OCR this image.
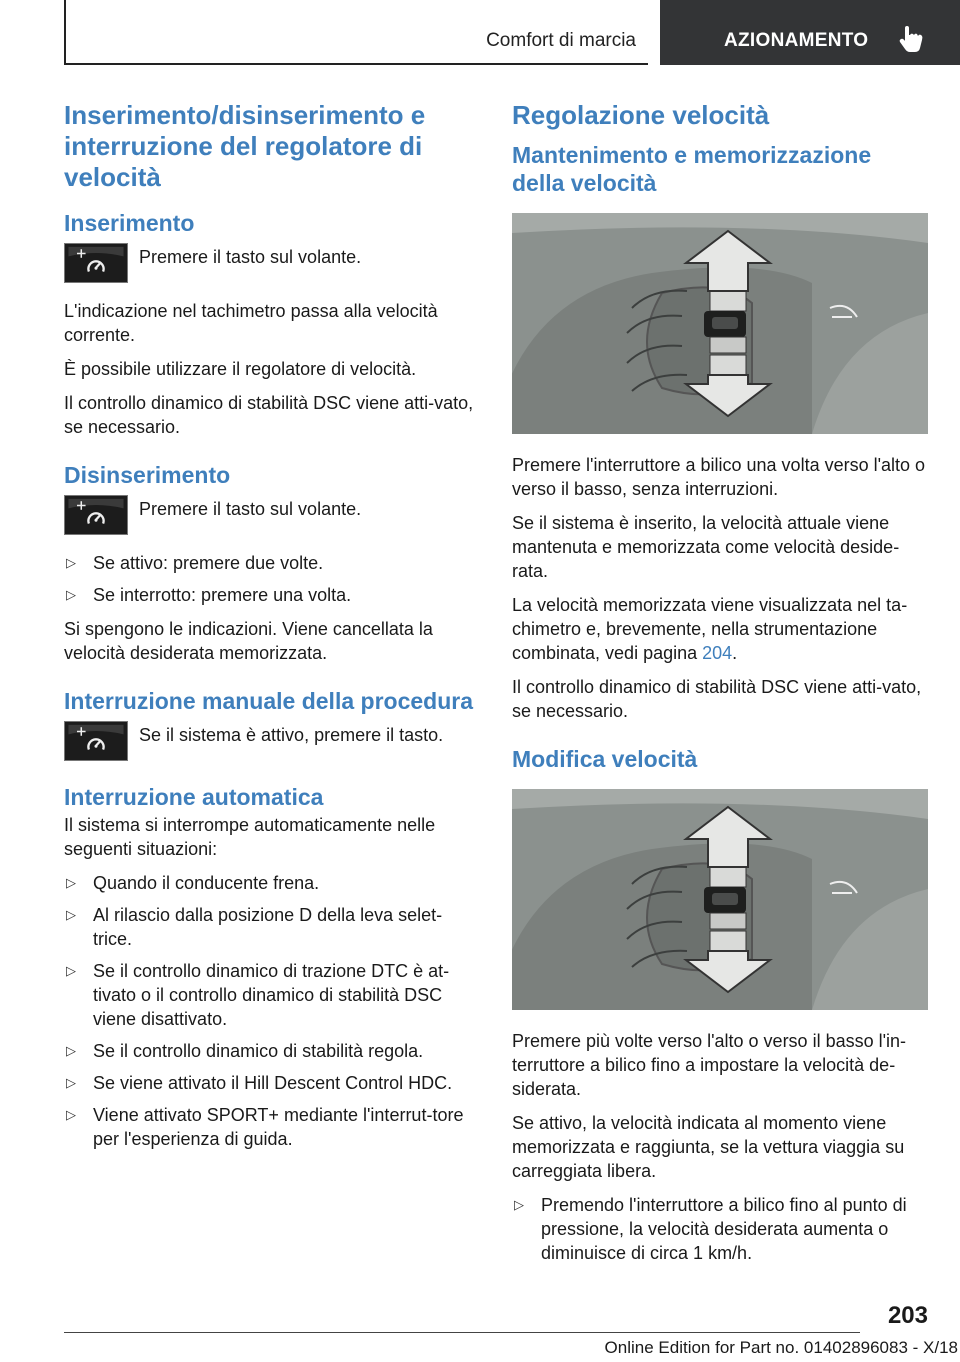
Comfort di marcia	AZIONAMENTO
Inserimento/disinserimento e interruzione del regolatore di velocità
Inserimento

Premere il tasto sul volante.

L'indicazione nel tachimetro passa alla velocità corrente.

È possibile utilizzare il regolatore di velocità.

Il controllo dinamico di stabilità DSC viene atti‐vato, se necessario.

Disinserimento

Premere il tasto sul volante.

▷ Se attivo: premere due volte.
▷ Se interrotto: premere una volta.

Si spengono le indicazioni. Viene cancellata la velocità desiderata memorizzata.

Interruzione manuale della procedura

Se il sistema è attivo, premere il tasto.

Interruzione automatica

Il sistema si interrompe automaticamente nelle seguenti situazioni:

▷ Quando il conducente frena.
▷ Al rilascio dalla posizione D della leva selet‐trice.
▷ Se il controllo dinamico di trazione DTC è at‐tivato o il controllo dinamico di stabilità DSC viene disattivato.
▷ Se il controllo dinamico di stabilità regola.
▷ Se viene attivato il Hill Descent Control HDC.
▷ Viene attivato SPORT+ mediante l'interrut‐tore per l'esperienza di guida.
Regolazione velocità
Mantenimento e memorizzazione della velocità

Premere l'interruttore a bilico una volta verso l'alto o verso il basso, senza interruzioni.

Se il sistema è inserito, la velocità attuale viene mantenuta e memorizzata come velocità deside‐rata.

La velocità memorizzata viene visualizzata nel ta‐chimetro e, brevemente, nella strumentazione combinata, vedi pagina 204.

Il controllo dinamico di stabilità DSC viene atti‐vato, se necessario.

Modifica velocità

Premere più volte verso l'alto o verso il basso l'in‐terruttore a bilico fino a impostare la velocità de‐siderata.

Se attivo, la velocità indicata al momento viene memorizzata e raggiunta, se la vettura viaggia su carreggiata libera.

▷ Premendo l'interruttore a bilico fino al punto di pressione, la velocità desiderata aumenta o diminuisce di circa 1 km/h.
203
Online Edition for Part no. 01402896083 - X/18
